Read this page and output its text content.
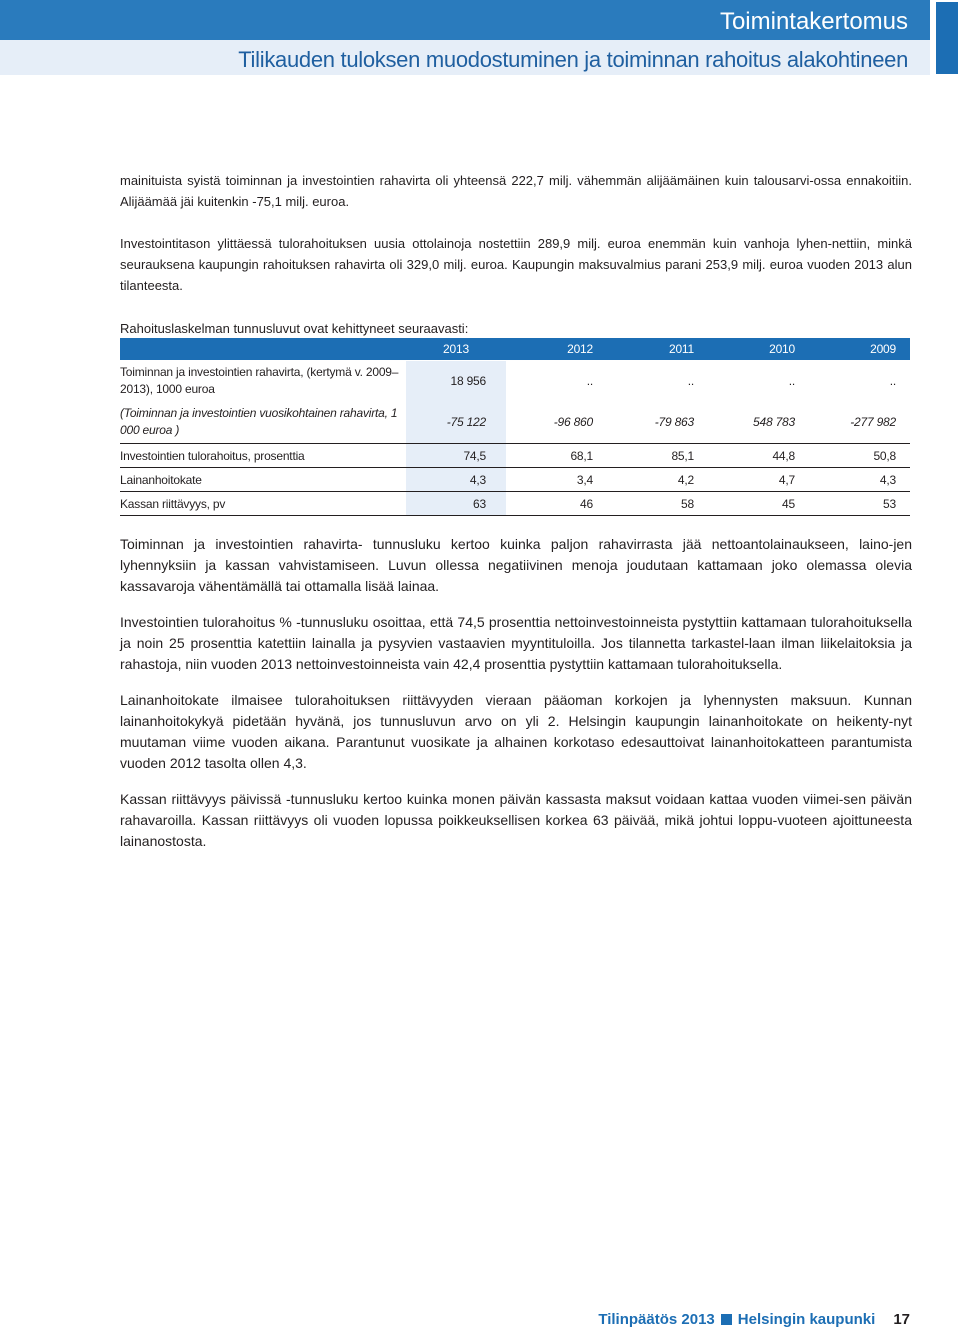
Toimintakertomus
Tilikauden tuloksen muodostuminen ja toiminnan rahoitus alakohtineen

mainituista syistä toiminnan ja investointien rahavirta oli yhteensä 222,7 milj. vähemmän alijäämäinen kuin talousarvi-ossa ennakoitiin. Alijäämää jäi kuitenkin -75,1 milj. euroa.

Investointitason ylittäessä tulorahoituksen uusia ottolainoja nostettiin 289,9 milj. euroa enemmän kuin vanhoja lyhen-nettiin, minkä seurauksena kaupungin rahoituksen rahavirta oli 329,0 milj. euroa. Kaupungin maksuvalmius parani 253,9 milj. euroa vuoden 2013 alun tilanteesta.

Rahoituslaskelman tunnusluvut ovat kehittyneet seuraavasti:

	2013	2012	2011	2010	2009

Toiminnan ja investointien rahavirta, (kertymä v. 2009–2013), 1000 euroa	18 956	..	..	..	..

(Toiminnan ja investointien vuosikohtainen rahavirta, 1 000 euroa )	-75 122	-96 860	-79 863	548 783	-277 982
Investointien tulorahoitus, prosenttia	74,5	68,1	85,1	44,8	50,8
Lainanhoitokate	4,3	3,4	4,2	4,7	4,3
Kassan riittävyys, pv	63	46	58	45	53

Toiminnan ja investointien rahavirta- tunnusluku kertoo kuinka paljon rahavirrasta jää nettoantolainaukseen, laino-jen lyhennyksiin ja kassan vahvistamiseen. Luvun ollessa negatiivinen menoja joudutaan kattamaan joko olemassa olevia kassavaroja vähentämällä tai ottamalla lisää lainaa.

Investointien tulorahoitus % -tunnusluku osoittaa, että 74,5 prosenttia nettoinvestoinneista pystyttiin kattamaan tulorahoituksella ja noin 25 prosenttia katettiin lainalla ja pysyvien vastaavien myyntituloilla. Jos tilannetta tarkastel-laan ilman liikelaitoksia ja rahastoja, niin vuoden 2013 nettoinvestoinneista vain 42,4 prosenttia pystyttiin kattamaan tulorahoituksella.

Lainanhoitokate ilmaisee tulorahoituksen riittävyyden vieraan pääoman korkojen ja lyhennysten maksuun. Kunnan lainanhoitokykyä pidetään hyvänä, jos tunnusluvun arvo on yli 2. Helsingin kaupungin lainanhoitokate on heikenty-nyt muutaman viime vuoden aikana. Parantunut vuosikate ja alhainen korkotaso edesauttoivat lainanhoitokatteen parantumista vuoden 2012 tasolta ollen 4,3.

Kassan riittävyys päivissä -tunnusluku kertoo kuinka monen päivän kassasta maksut voidaan kattaa vuoden viimei-sen päivän rahavaroilla. Kassan riittävyys oli vuoden lopussa poikkeuksellisen korkea 63 päivää, mikä johtui loppu-vuoteen ajoittuneesta lainanostosta.

Tilinpäätös 2013 Helsingin kaupunki 17
